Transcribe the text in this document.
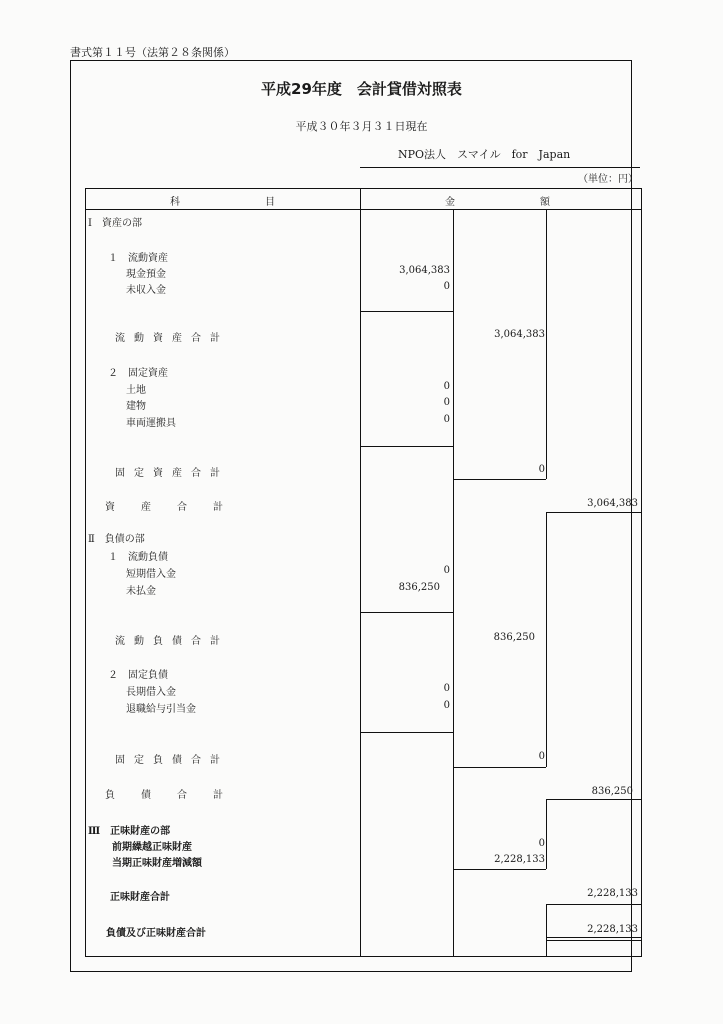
書式第１１号（法第２８条関係）
平成29年度　会計貸借対照表
平成３０年３月３１日現在
NPO法人　スマイル　for　Japan
（単位：円）
科	目	金	額
Ⅰ　資産の部
１　流動資産
現金預金	3,064,383
未収入金	0
流動資産合計	3,064,383
２　固定資産
土地	0
建物	0
車両運搬具	0
固定資産合計	0
資産合計	3,064,383
Ⅱ　負債の部
１　流動負債
短期借入金	0
未払金	836,250
流動負債合計	836,250
２　固定負債
長期借入金	0
退職給与引当金	0
固定負債合計	0
負債合計	836,250
Ⅲ　正味財産の部
前期繰越正味財産	0
当期正味財産増減額	2,228,133
正味財産合計	2,228,133
負債及び正味財産合計	2,228,133
